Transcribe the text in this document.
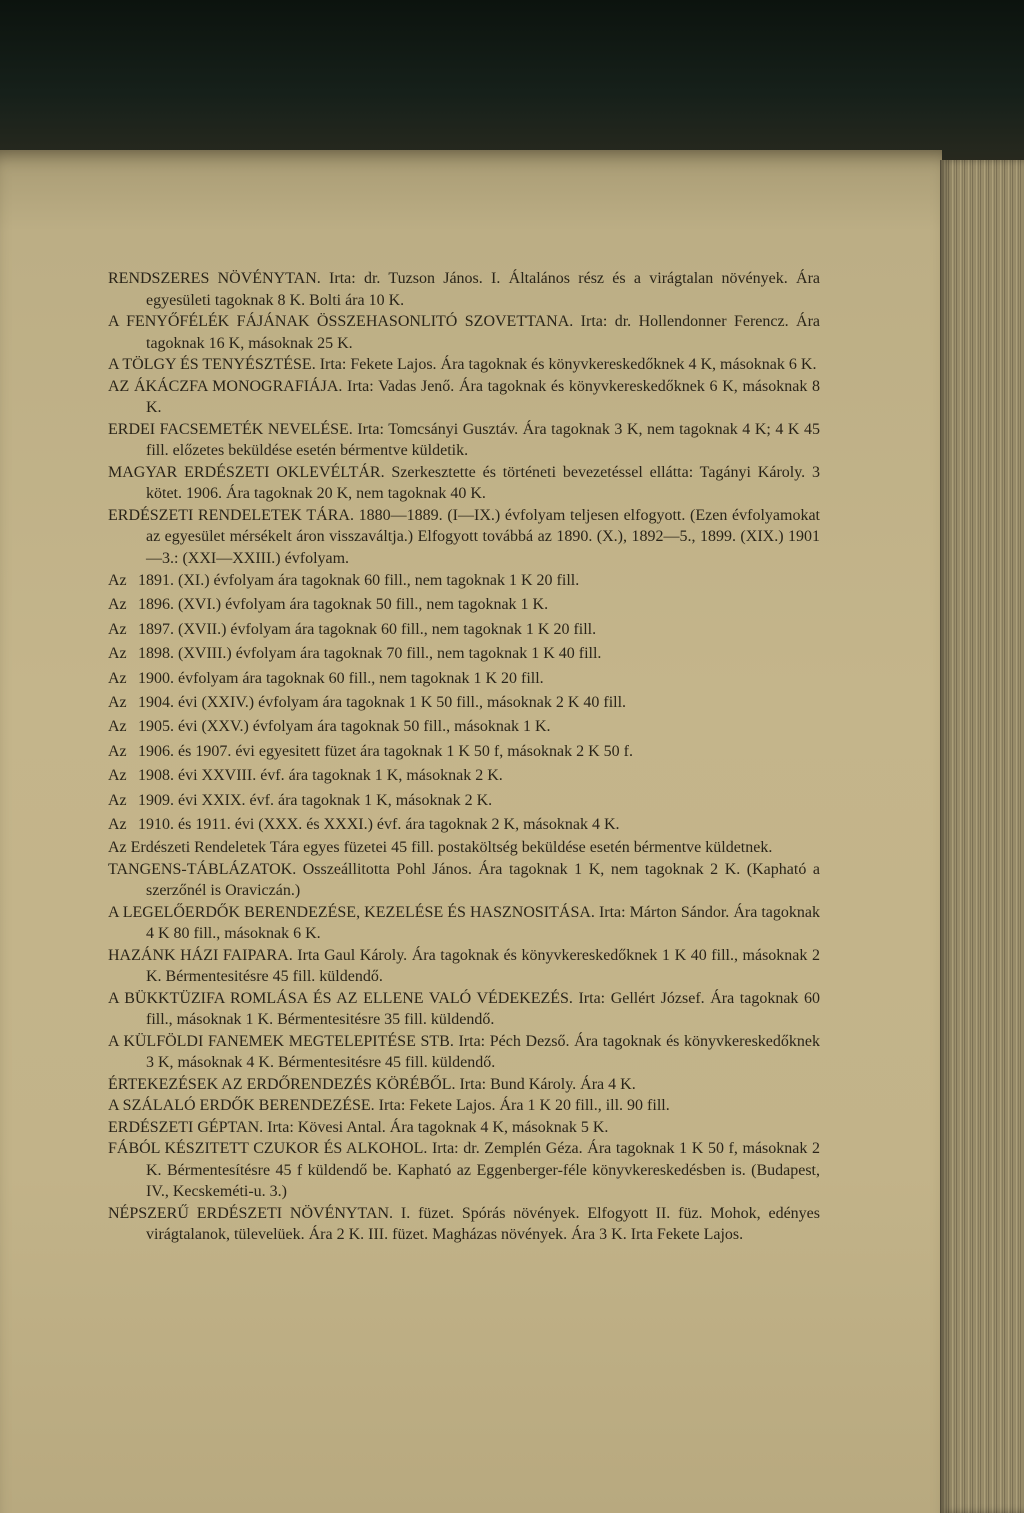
RENDSZERES NÖVÉNYTAN. Irta: dr. Tuzson János. I. Általános rész és a virágtalan növények. Ára egyesületi tagoknak 8 K. Bolti ára 10 K.

A FENYŐFÉLÉK FÁJÁNAK ÖSSZEHASONLITÓ SZOVETTANA. Irta: dr. Hollendonner Ferencz. Ára tagoknak 16 K, másoknak 25 K.

A TÖLGY ÉS TENYÉSZTÉSE. Irta: Fekete Lajos. Ára tagoknak és könyvkereskedőknek 4 K, másoknak 6 K.

AZ ÁKÁCZFA MONOGRAFIÁJA. Irta: Vadas Jenő. Ára tagoknak és könyvkereskedőknek 6 K, másoknak 8 K.

ERDEI FACSEMETÉK NEVELÉSE. Irta: Tomcsányi Gusztáv. Ára tagoknak 3 K, nem tagoknak 4 K; 4 K 45 fill. előzetes beküldése esetén bérmentve küldetik.

MAGYAR ERDÉSZETI OKLEVÉLTÁR. Szerkesztette és történeti bevezetéssel ellátta: Tagányi Károly. 3 kötet. 1906. Ára tagoknak 20 K, nem tagoknak 40 K.

ERDÉSZETI RENDELETEK TÁRA. 1880—1889. (I—IX.) évfolyam teljesen elfogyott. (Ezen évfolyamokat az egyesület mérsékelt áron visszaváltja.) Elfogyott továbbá az 1890. (X.), 1892—5., 1899. (XIX.) 1901—3.: (XXI—XXIII.) évfolyam.

Az 1891. (XI.) évfolyam ára tagoknak 60 fill., nem tagoknak 1 K 20 fill.

Az 1896. (XVI.) évfolyam ára tagoknak 50 fill., nem tagoknak 1 K.

Az 1897. (XVII.) évfolyam ára tagoknak 60 fill., nem tagoknak 1 K 20 fill.

Az 1898. (XVIII.) évfolyam ára tagoknak 70 fill., nem tagoknak 1 K 40 fill.

Az 1900. évfolyam ára tagoknak 60 fill., nem tagoknak 1 K 20 fill.

Az 1904. évi (XXIV.) évfolyam ára tagoknak 1 K 50 fill., másoknak 2 K 40 fill.

Az 1905. évi (XXV.) évfolyam ára tagoknak 50 fill., másoknak 1 K.

Az 1906. és 1907. évi egyesitett füzet ára tagoknak 1 K 50 f, másoknak 2 K 50 f.

Az 1908. évi XXVIII. évf. ára tagoknak 1 K, másoknak 2 K.

Az 1909. évi XXIX. évf. ára tagoknak 1 K, másoknak 2 K.

Az 1910. és 1911. évi (XXX. és XXXI.) évf. ára tagoknak 2 K, másoknak 4 K.

Az Erdészeti Rendeletek Tára egyes füzetei 45 fill. postaköltség beküldése esetén bérmentve küldetnek.

TANGENS-TÁBLÁZATOK. Osszeállitotta Pohl János. Ára tagoknak 1 K, nem tagoknak 2 K. (Kapható a szerzőnél is Oraviczán.)

A LEGELŐERDŐK BERENDEZÉSE, KEZELÉSE ÉS HASZNOSITÁSA. Irta: Márton Sándor. Ára tagoknak 4 K 80 fill., másoknak 6 K.

HAZÁNK HÁZI FAIPARA. Irta Gaul Károly. Ára tagoknak és könyvkereskedőknek 1 K 40 fill., másoknak 2 K. Bérmentesitésre 45 fill. küldendő.

A BÜKKTÜZIFA ROMLÁSA ÉS AZ ELLENE VALÓ VÉDEKEZÉS. Irta: Gellért József. Ára tagoknak 60 fill., másoknak 1 K. Bérmentesitésre 35 fill. küldendő.

A KÜLFÖLDI FANEMEK MEGTELEPITÉSE STB. Irta: Péch Dezső. Ára tagoknak és könyvkereskedőknek 3 K, másoknak 4 K. Bérmentesitésre 45 fill. küldendő.

ÉRTEKEZÉSEK AZ ERDŐRENDEZÉS KÖRÉBŐL. Irta: Bund Károly. Ára 4 K.

A SZÁLALÓ ERDŐK BERENDEZÉSE. Irta: Fekete Lajos. Ára 1 K 20 fill., ill. 90 fill.

ERDÉSZETI GÉPTAN. Irta: Kövesi Antal. Ára tagoknak 4 K, másoknak 5 K.

FÁBÓL KÉSZITETT CZUKOR ÉS ALKOHOL. Irta: dr. Zemplén Géza. Ára tagoknak 1 K 50 f, másoknak 2 K. Bérmentesítésre 45 f küldendő be. Kapható az Eggenberger-féle könyvkereskedésben is. (Budapest, IV., Kecskeméti-u. 3.)

NÉPSZERŰ ERDÉSZETI NÖVÉNYTAN. I. füzet. Spórás növények. Elfogyott II. füz. Mohok, edényes virágtalanok, tülevelüek. Ára 2 K. III. füzet. Magházas növények. Ára 3 K. Irta Fekete Lajos.
